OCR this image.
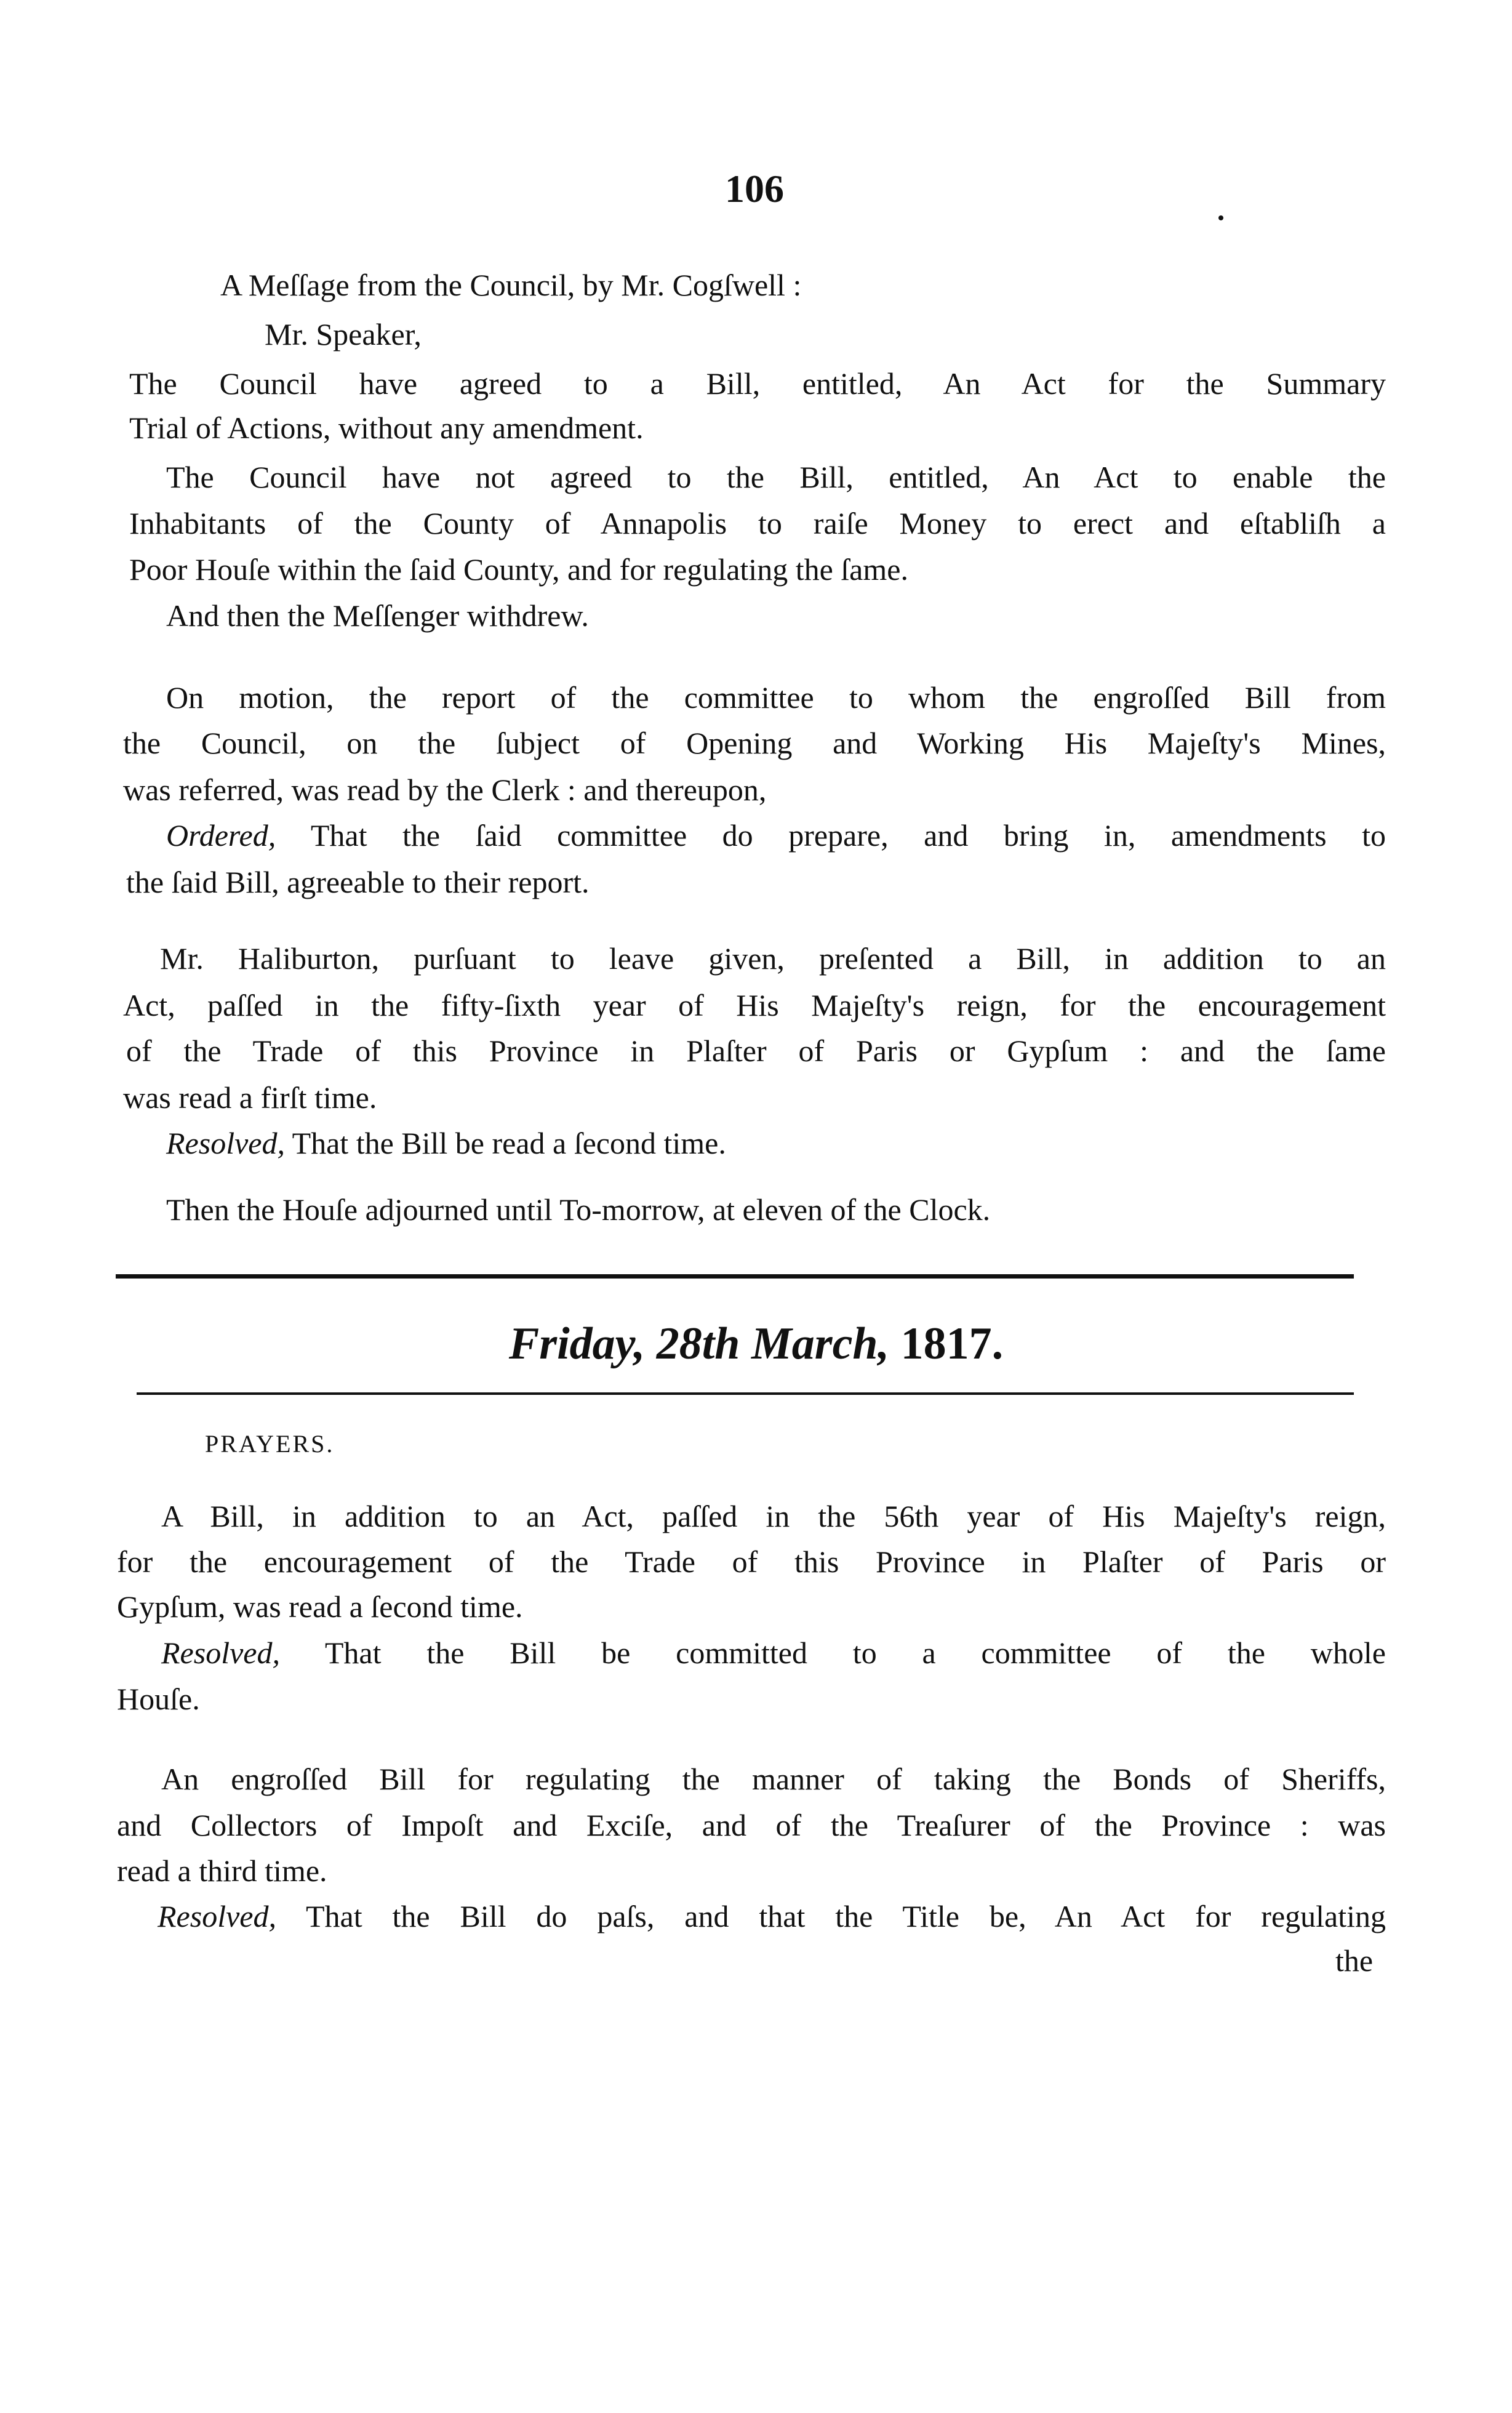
106
A Meſſage from the Council, by Mr. Cogſwell :
Mr. Speaker,
The Council have agreed to a Bill, entitled, An Act for the Summary
Trial of Actions, without any amendment.
The Council have not agreed to the Bill, entitled, An Act to enable the
Inhabitants of the County of Annapolis to raiſe Money to erect and eſtabliſh a
Poor Houſe within the ſaid County, and for regulating the ſame.
And then the Meſſenger withdrew.
On motion, the report of the committee to whom the engroſſed Bill from
the Council, on the ſubject of Opening and Working His Majeſty's Mines,
was referred, was read by the Clerk : and thereupon,
Ordered, That the ſaid committee do prepare, and bring in, amendments to
the ſaid Bill, agreeable to their report.
Mr. Haliburton, purſuant to leave given, preſented a Bill, in addition to an
Act, paſſed in the fifty-ſixth year of His Majeſty's reign, for the encouragement
of the Trade of this Province in Plaſter of Paris or Gypſum : and the ſame
was read a firſt time.
Resolved, That the Bill be read a ſecond time.
Then the Houſe adjourned until To-morrow, at eleven of the Clock.
Friday, 28th March, 1817.
PRAYERS.
A Bill, in addition to an Act, paſſed in the 56th year of His Majeſty's reign,
for the encouragement of the Trade of this Province in Plaſter of Paris or
Gypſum, was read a ſecond time.
Resolved, That the Bill be committed to a committee of the whole
Houſe.
An engroſſed Bill for regulating the manner of taking the Bonds of Sheriffs,
and Collectors of Impoſt and Exciſe, and of the Treaſurer of the Province : was
read a third time.
Resolved, That the Bill do paſs, and that the Title be, An Act for regulating
the
